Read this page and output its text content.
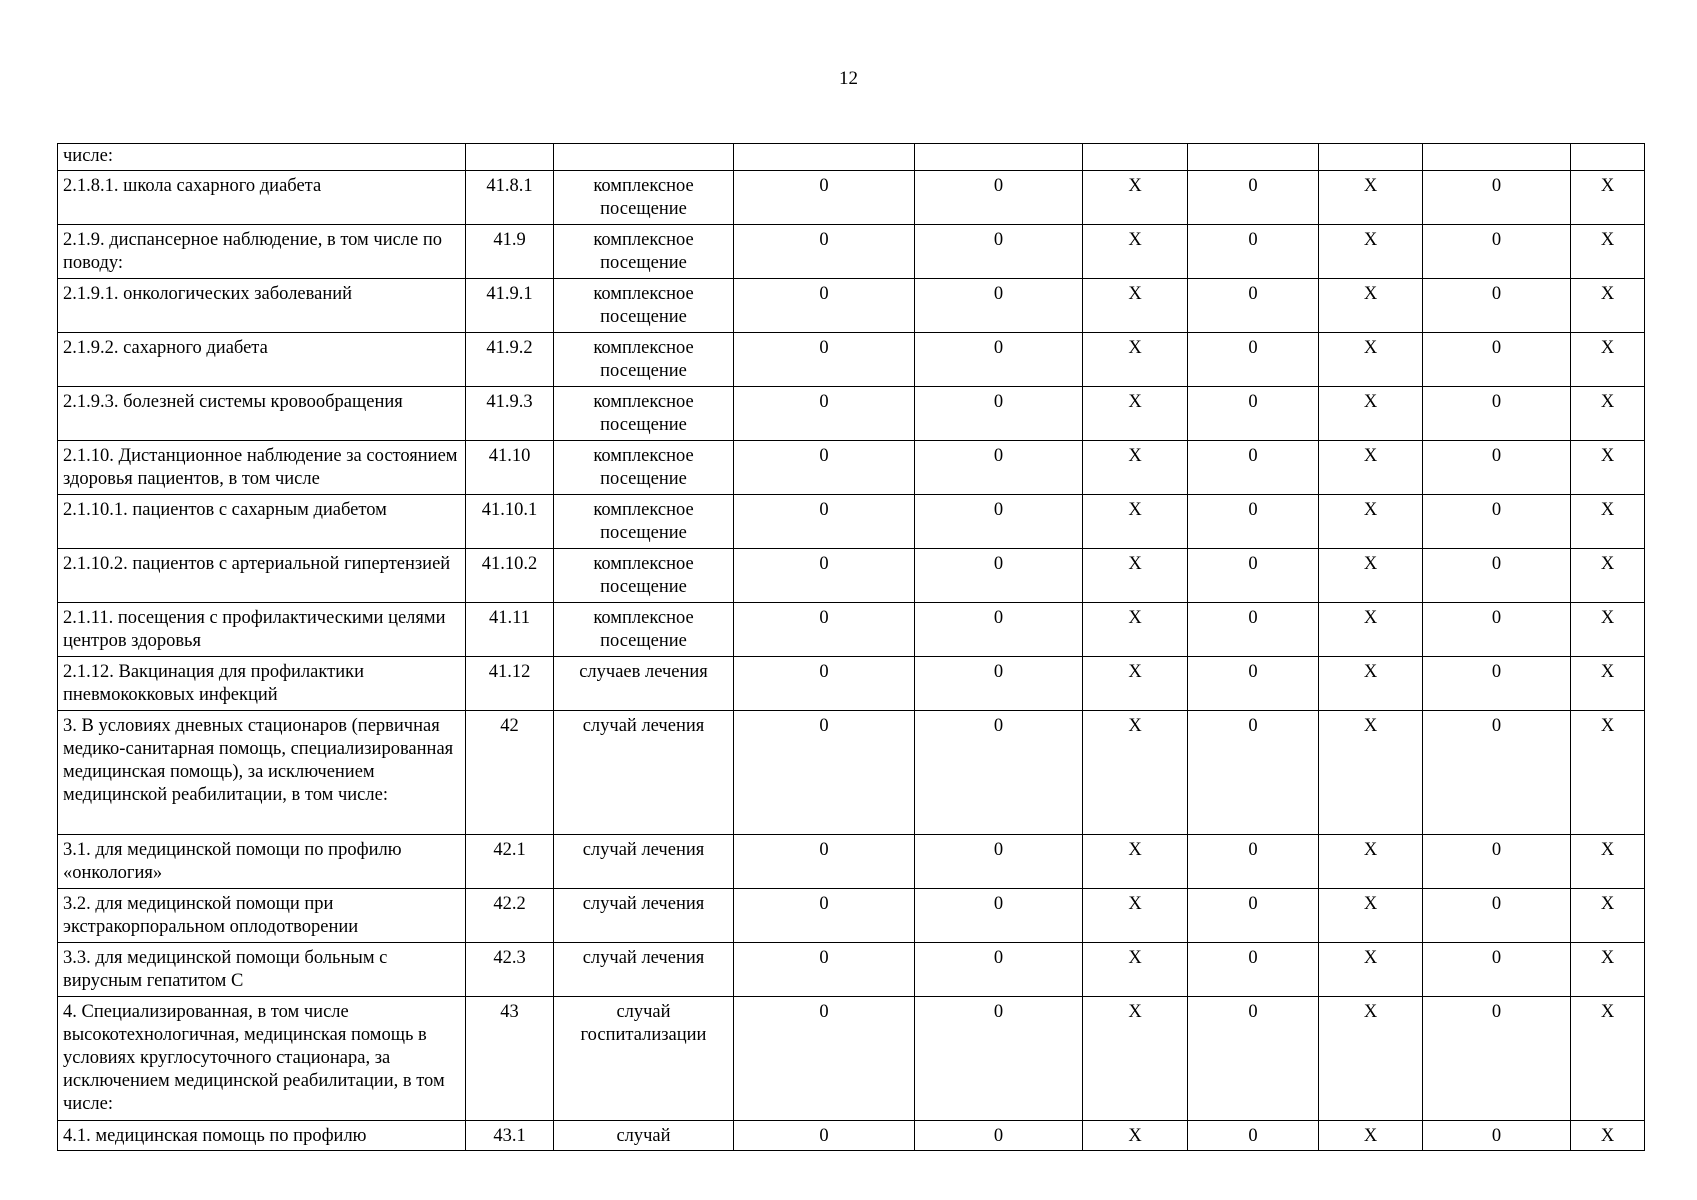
12
числе:									
2.1.8.1. школа сахарного диабета	41.8.1	комплексное посещение	0	0	Х	0	Х	0	Х
2.1.9. диспансерное наблюдение, в том числе по поводу:	41.9	комплексное посещение	0	0	Х	0	Х	0	Х
2.1.9.1. онкологических заболеваний	41.9.1	комплексное посещение	0	0	Х	0	Х	0	Х
2.1.9.2. сахарного диабета	41.9.2	комплексное посещение	0	0	Х	0	Х	0	Х
2.1.9.3. болезней системы кровообращения	41.9.3	комплексное посещение	0	0	Х	0	Х	0	Х
2.1.10. Дистанционное наблюдение за состоянием здоровья пациентов, в том числе	41.10	комплексное посещение	0	0	Х	0	Х	0	Х
2.1.10.1. пациентов с сахарным диабетом	41.10.1	комплексное посещение	0	0	Х	0	Х	0	Х
2.1.10.2. пациентов с артериальной гипертензией	41.10.2	комплексное посещение	0	0	Х	0	Х	0	Х
2.1.11. посещения с профилактическими целями центров здоровья	41.11	комплексное посещение	0	0	Х	0	Х	0	Х
2.1.12. Вакцинация для профилактики пневмококковых инфекций	41.12	случаев лечения	0	0	Х	0	Х	0	Х
3. В условиях дневных стационаров (первичная медико-санитарная помощь, специализированная медицинская помощь), за исключением медицинской реабилитации, в том числе:	42	случай лечения	0	0	Х	0	Х	0	Х
3.1. для медицинской помощи по профилю «онкология»	42.1	случай лечения	0	0	Х	0	Х	0	Х
3.2. для медицинской помощи при экстракорпоральном оплодотворении	42.2	случай лечения	0	0	Х	0	Х	0	Х
3.3. для медицинской помощи больным с вирусным гепатитом С	42.3	случай лечения	0	0	Х	0	Х	0	Х
4. Специализированная, в том числе высокотехнологичная, медицинская помощь в условиях круглосуточного стационара, за исключением медицинской реабилитации, в том числе:	43	случай госпитализации	0	0	Х	0	Х	0	Х
4.1. медицинская помощь по профилю	43.1	случай	0	0	Х	0	Х	0	Х
